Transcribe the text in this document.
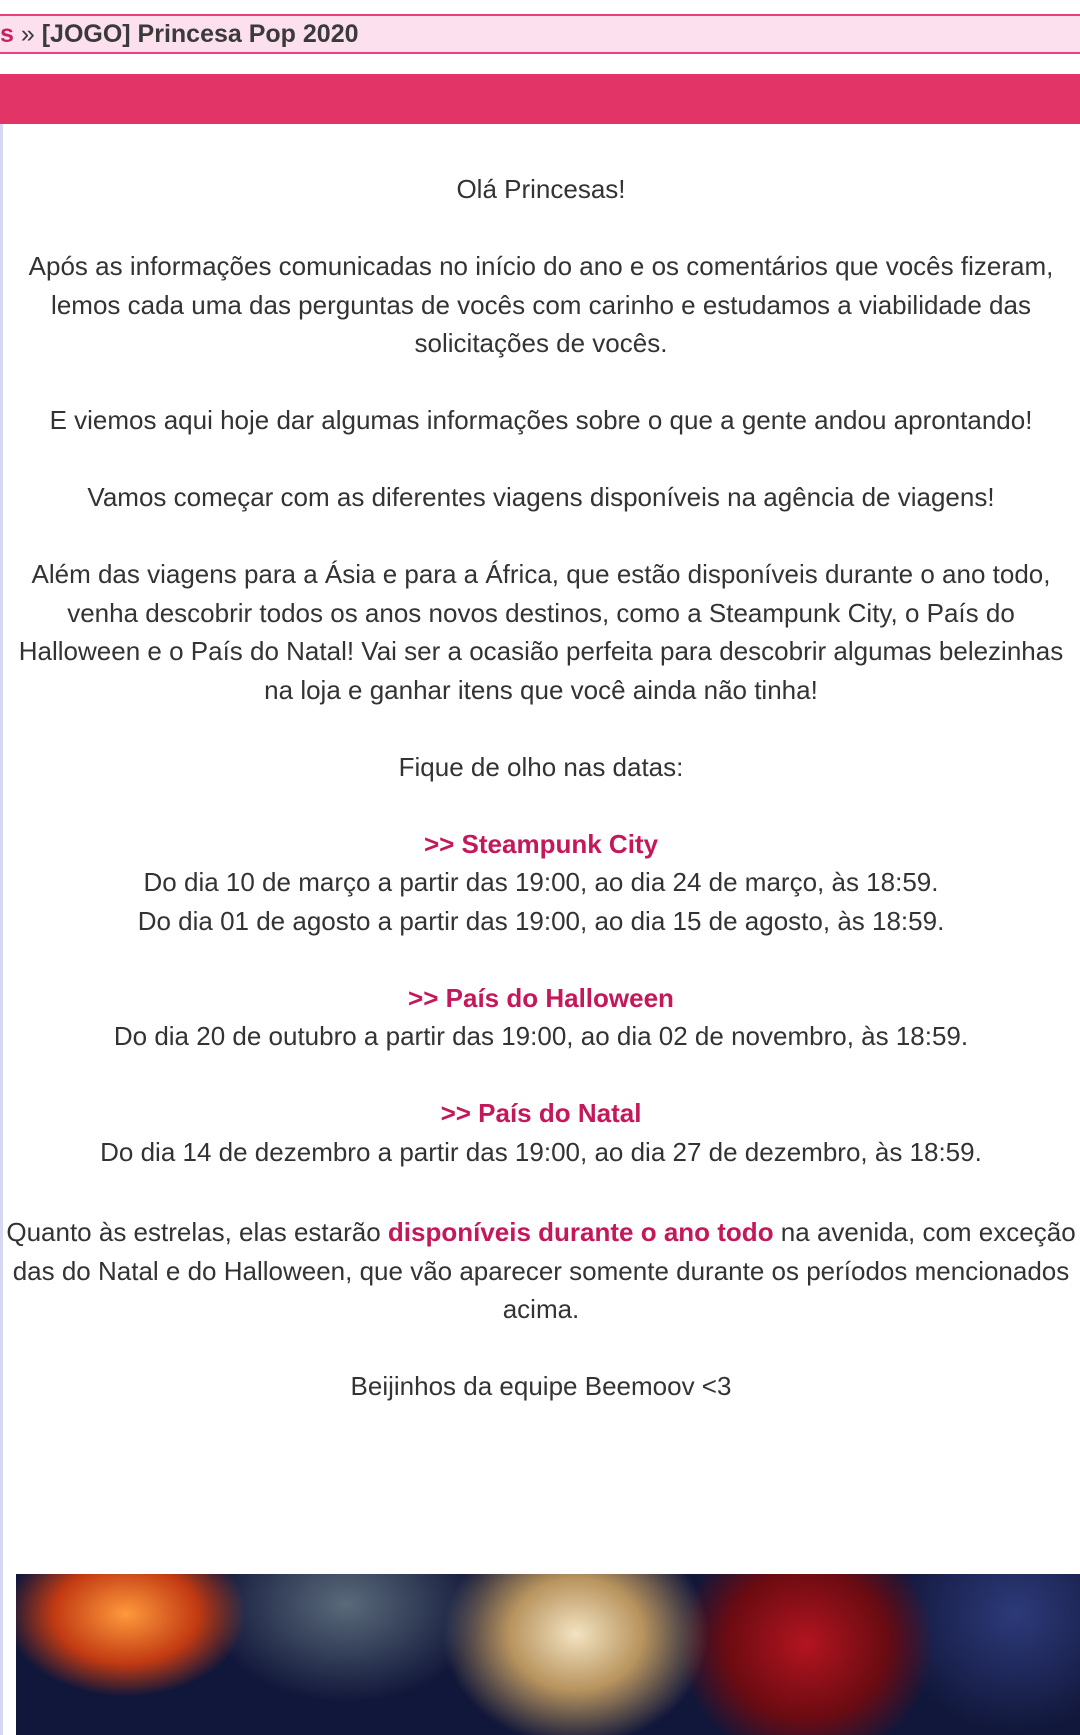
s » [JOGO] Princesa Pop 2020

Olá Princesas!

Após as informações comunicadas no início do ano e os comentários que vocês fizeram, lemos cada uma das perguntas de vocês com carinho e estudamos a viabilidade das solicitações de vocês.

E viemos aqui hoje dar algumas informações sobre o que a gente andou aprontando!

Vamos começar com as diferentes viagens disponíveis na agência de viagens!

Além das viagens para a Ásia e para a África, que estão disponíveis durante o ano todo, venha descobrir todos os anos novos destinos, como a Steampunk City, o País do Halloween e o País do Natal! Vai ser a ocasião perfeita para descobrir algumas belezinhas na loja e ganhar itens que você ainda não tinha!

Fique de olho nas datas:

>> Steampunk City
Do dia 10 de março a partir das 19:00, ao dia 24 de março, às 18:59.
Do dia 01 de agosto a partir das 19:00, ao dia 15 de agosto, às 18:59.

>> País do Halloween
Do dia 20 de outubro a partir das 19:00, ao dia 02 de novembro, às 18:59.

>> País do Natal
Do dia 14 de dezembro a partir das 19:00, ao dia 27 de dezembro, às 18:59.

Quanto às estrelas, elas estarão disponíveis durante o ano todo na avenida, com exceção das do Natal e do Halloween, que vão aparecer somente durante os períodos mencionados acima.

Beijinhos da equipe Beemoov <3
